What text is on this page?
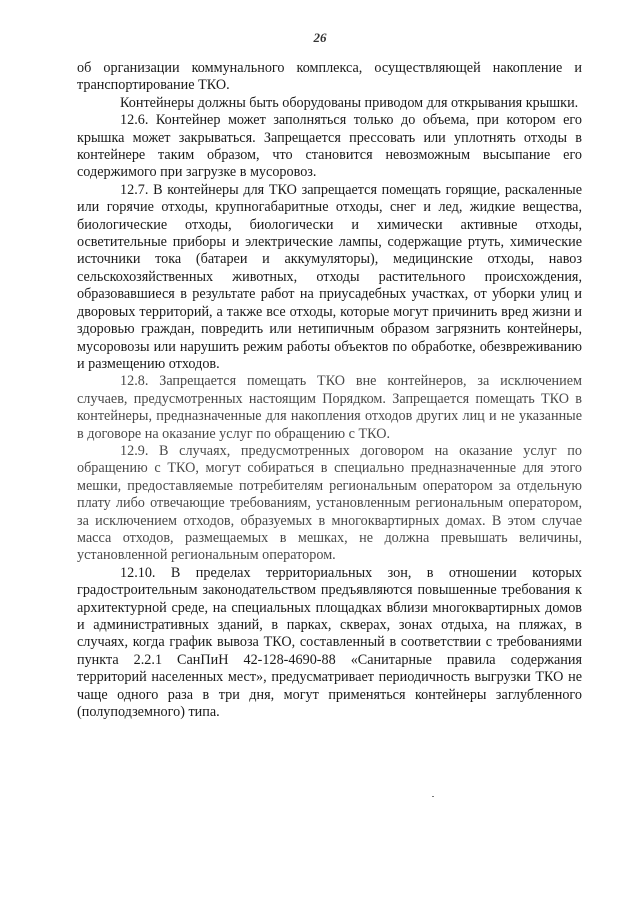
26

об организации коммунального комплекса, осуществляющей накопление и транспортирование ТКО.

Контейнеры должны быть оборудованы приводом для открывания крышки.

12.6. Контейнер может заполняться только до объема, при котором его крышка может закрываться. Запрещается прессовать или уплотнять отходы в контейнере таким образом, что становится невозможным высыпание его содержимого при загрузке в мусоровоз.

12.7. В контейнеры для ТКО запрещается помещать горящие, раскаленные или горячие отходы, крупногабаритные отходы, снег и лед, жидкие вещества, биологические отходы, биологически и химически активные отходы, осветительные приборы и электрические лампы, содержащие ртуть, химические источники тока (батареи и аккумуляторы), медицинские отходы, навоз сельскохозяйственных животных, отходы растительного происхождения, образовавшиеся в результате работ на приусадебных участках, от уборки улиц и дворовых территорий, а также все отходы, которые могут причинить вред жизни и здоровью граждан, повредить или нетипичным образом загрязнить контейнеры, мусоровозы или нарушить режим работы объектов по обработке, обезвреживанию и размещению отходов.

12.8. Запрещается помещать ТКО вне контейнеров, за исключением случаев, предусмотренных настоящим Порядком. Запрещается помещать ТКО в контейнеры, предназначенные для накопления отходов других лиц и не указанные в договоре на оказание услуг по обращению с ТКО.

12.9. В случаях, предусмотренных договором на оказание услуг по обращению с ТКО, могут собираться в специально предназначенные для этого мешки, предоставляемые потребителям региональным оператором за отдельную плату либо отвечающие требованиям, установленным региональным оператором, за исключением отходов, образуемых в многоквартирных домах. В этом случае масса отходов, размещаемых в мешках, не должна превышать величины, установленной региональным оператором.

12.10. В пределах территориальных зон, в отношении которых градостроительным законодательством предъявляются повышенные требования к архитектурной среде, на специальных площадках вблизи многоквартирных домов и административных зданий, в парках, скверах, зонах отдыха, на пляжах, в случаях, когда график вывоза ТКО, составленный в соответствии с требованиями пункта 2.2.1 СанПиН 42-128-4690-88 «Санитарные правила содержания территорий населенных мест», предусматривает периодичность выгрузки ТКО не чаще одного раза в три дня, могут применяться контейнеры заглубленного (полуподземного) типа.
